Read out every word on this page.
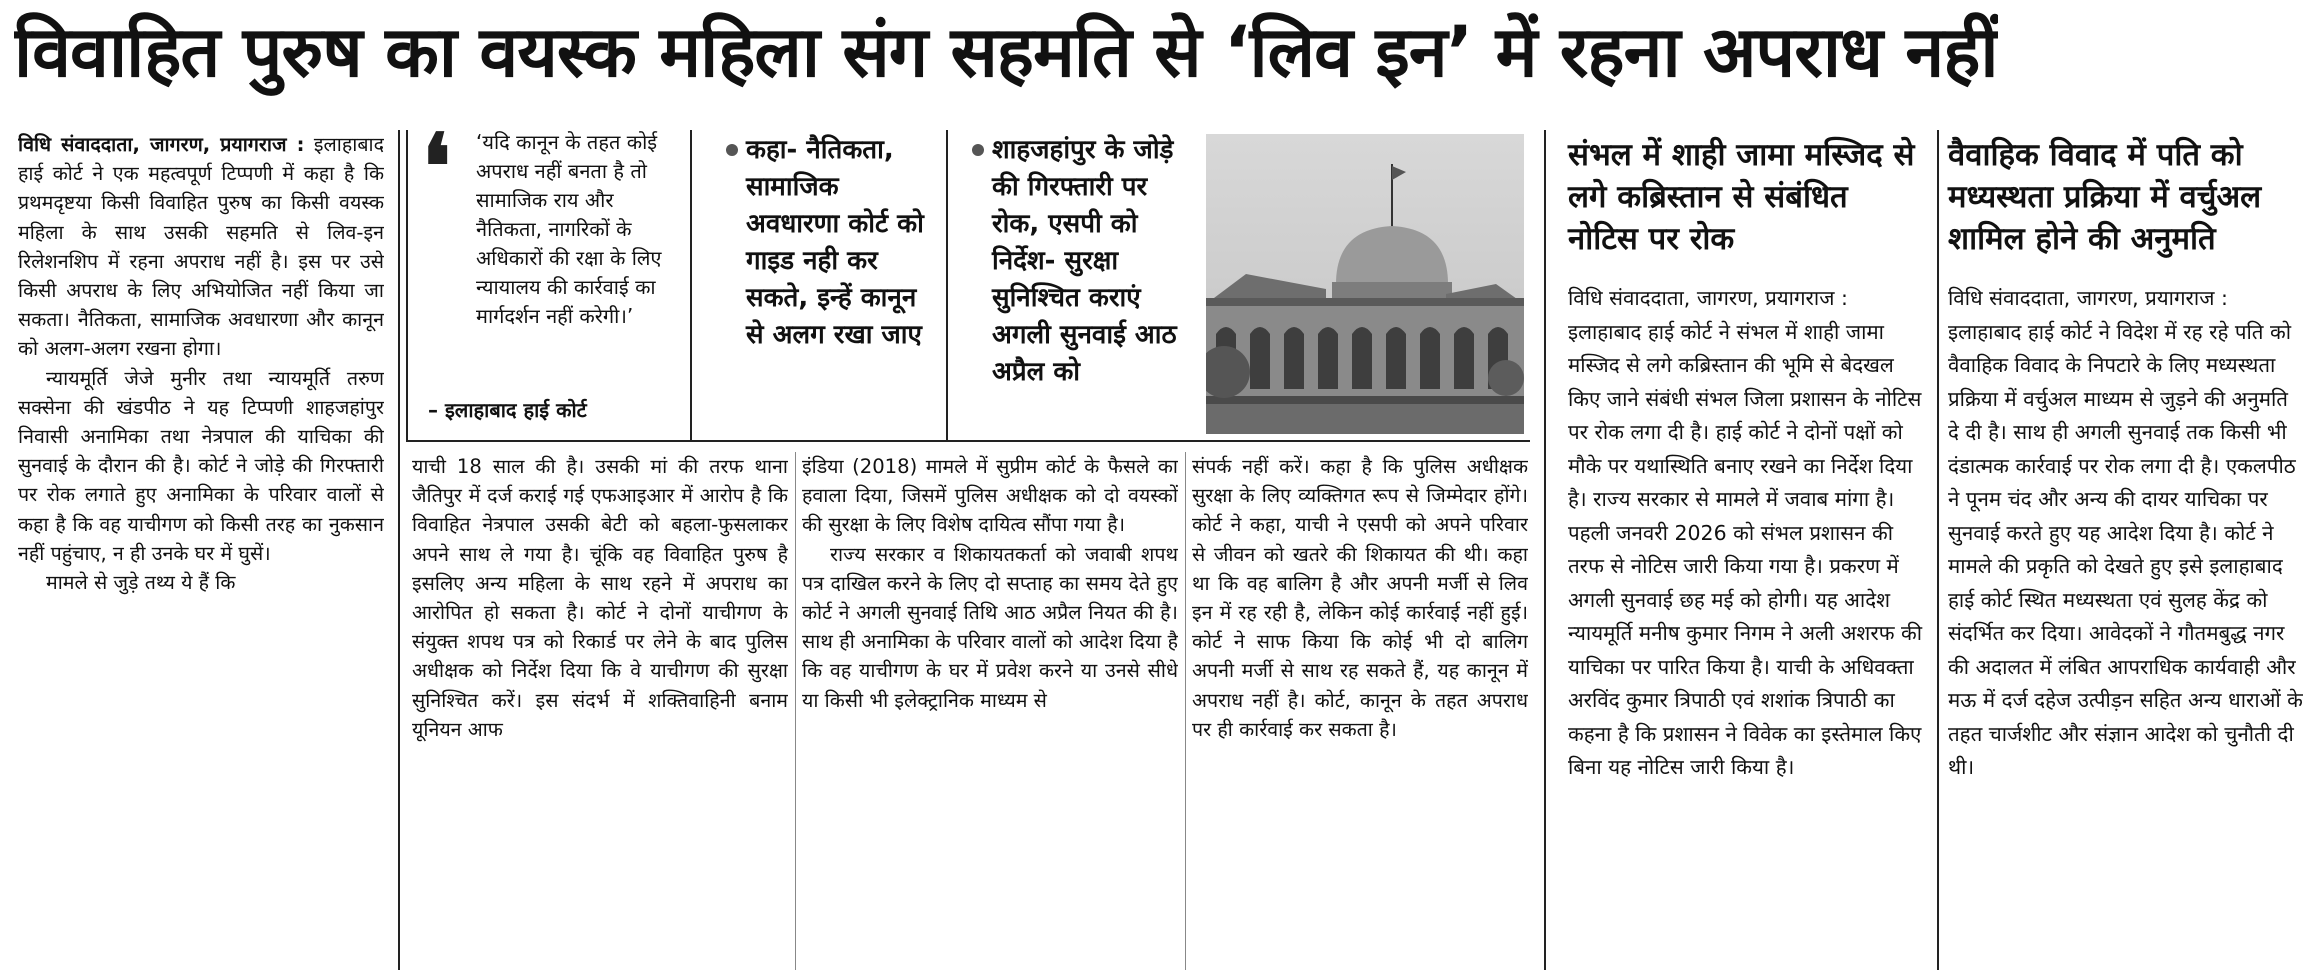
विवाहित पुरुष का वयस्क महिला संग सहमति से ‘लिव इन’ में रहना अपराध नहीं

विधि संवाददाता, जागरण, प्रयागराज : इलाहाबाद हाई कोर्ट ने एक महत्वपूर्ण टिप्पणी में कहा है कि प्रथमदृष्टया किसी विवाहित पुरुष का किसी वयस्क महिला के साथ उसकी सहमति से लिव-इन रिलेशनशिप में रहना अपराध नहीं है। इस पर उसे किसी अपराध के लिए अभियोजित नहीं किया जा सकता। नैतिकता, सामाजिक अवधारणा और कानून को अलग-अलग रखना होगा।

न्यायमूर्ति जेजे मुनीर तथा न्यायमूर्ति तरुण सक्सेना की खंडपीठ ने यह टिप्पणी शाहजहांपुर निवासी अनामिका तथा नेत्रपाल की याचिका की सुनवाई के दौरान की है। कोर्ट ने जोड़े की गिरफ्तारी पर रोक लगाते हुए अनामिका के परिवार वालों से कहा है कि वह याचीगण को किसी तरह का नुकसान नहीं पहुंचाए, न ही उनके घर में घुसें।

मामले से जुड़े तथ्य ये हैं कि

❛ ‘यदि कानून के तहत कोई अपराध नहीं बनता है तो सामाजिक राय और नैतिकता, नागरिकों के अधिकारों की रक्षा के लिए न्यायालय की कार्रवाई का मार्गदर्शन नहीं करेगी।’
– इलाहाबाद हाई कोर्ट
कहा- नैतिकता, सामाजिक अवधारणा कोर्ट को गाइड नही कर सकते, इन्हें कानून से अलग रखा जाए
शाहजहांपुर के जोड़े की गिरफ्तारी पर रोक, एसपी को निर्देश- सुरक्षा सुनिश्चित कराएं अगली सुनवाई आठ अप्रैल को

याची 18 साल की है। उसकी मां की तरफ थाना जैतिपुर में दर्ज कराई गई एफआइआर में आरोप है कि विवाहित नेत्रपाल उसकी बेटी को बहला-फुसलाकर अपने साथ ले गया है। चूंकि वह विवाहित पुरुष है इसलिए अन्य महिला के साथ रहने में अपराध का आरोपित हो सकता है। कोर्ट ने दोनों याचीगण के संयुक्त शपथ पत्र को रिकार्ड पर लेने के बाद पुलिस अधीक्षक को निर्देश दिया कि वे याचीगण की सुरक्षा सुनिश्चित करें। इस संदर्भ में शक्तिवाहिनी बनाम यूनियन आफ

इंडिया (2018) मामले में सुप्रीम कोर्ट के फैसले का हवाला दिया, जिसमें पुलिस अधीक्षक को दो वयस्कों की सुरक्षा के लिए विशेष दायित्व सौंपा गया है।

राज्य सरकार व शिकायतकर्ता को जवाबी शपथ पत्र दाखिल करने के लिए दो सप्ताह का समय देते हुए कोर्ट ने अगली सुनवाई तिथि आठ अप्रैल नियत की है। साथ ही अनामिका के परिवार वालों को आदेश दिया है कि वह याचीगण के घर में प्रवेश करने या उनसे सीधे या किसी भी इलेक्ट्रानिक माध्यम से

संपर्क नहीं करें। कहा है कि पुलिस अधीक्षक सुरक्षा के लिए व्यक्तिगत रूप से जिम्मेदार होंगे। कोर्ट ने कहा, याची ने एसपी को अपने परिवार से जीवन को खतरे की शिकायत की थी। कहा था कि वह बालिग है और अपनी मर्जी से लिव इन में रह रही है, लेकिन कोई कार्रवाई नहीं हुई। कोर्ट ने साफ किया कि कोई भी दो बालिग अपनी मर्जी से साथ रह सकते हैं, यह कानून में अपराध नहीं है। कोर्ट, कानून के तहत अपराध पर ही कार्रवाई कर सकता है।

संभल में शाही जामा मस्जिद से लगे कब्रिस्तान से संबंधित नोटिस पर रोक

विधि संवाददाता, जागरण, प्रयागराज : इलाहाबाद हाई कोर्ट ने संभल में शाही जामा मस्जिद से लगे कब्रिस्तान की भूमि से बेदखल किए जाने संबंधी संभल जिला प्रशासन के नोटिस पर रोक लगा दी है। हाई कोर्ट ने दोनों पक्षों को मौके पर यथास्थिति बनाए रखने का निर्देश दिया है। राज्य सरकार से मामले में जवाब मांगा है। पहली जनवरी 2026 को संभल प्रशासन की तरफ से नोटिस जारी किया गया है। प्रकरण में अगली सुनवाई छह मई को होगी। यह आदेश न्यायमूर्ति मनीष कुमार निगम ने अली अशरफ की याचिका पर पारित किया है। याची के अधिवक्ता अरविंद कुमार त्रिपाठी एवं शशांक त्रिपाठी का कहना है कि प्रशासन ने विवेक का इस्तेमाल किए बिना यह नोटिस जारी किया है।

वैवाहिक विवाद में पति को मध्यस्थता प्रक्रिया में वर्चुअल शामिल होने की अनुमति

विधि संवाददाता, जागरण, प्रयागराज : इलाहाबाद हाई कोर्ट ने विदेश में रह रहे पति को वैवाहिक विवाद के निपटारे के लिए मध्यस्थता प्रक्रिया में वर्चुअल माध्यम से जुड़ने की अनुमति दे दी है। साथ ही अगली सुनवाई तक किसी भी दंडात्मक कार्रवाई पर रोक लगा दी है। एकलपीठ ने पूनम चंद और अन्य की दायर याचिका पर सुनवाई करते हुए यह आदेश दिया है। कोर्ट ने मामले की प्रकृति को देखते हुए इसे इलाहाबाद हाई कोर्ट स्थित मध्यस्थता एवं सुलह केंद्र को संदर्भित कर दिया। आवेदकों ने गौतमबुद्ध नगर की अदालत में लंबित आपराधिक कार्यवाही और मऊ में दर्ज दहेज उत्पीड़न सहित अन्य धाराओं के तहत चार्जशीट और संज्ञान आदेश को चुनौती दी थी।
